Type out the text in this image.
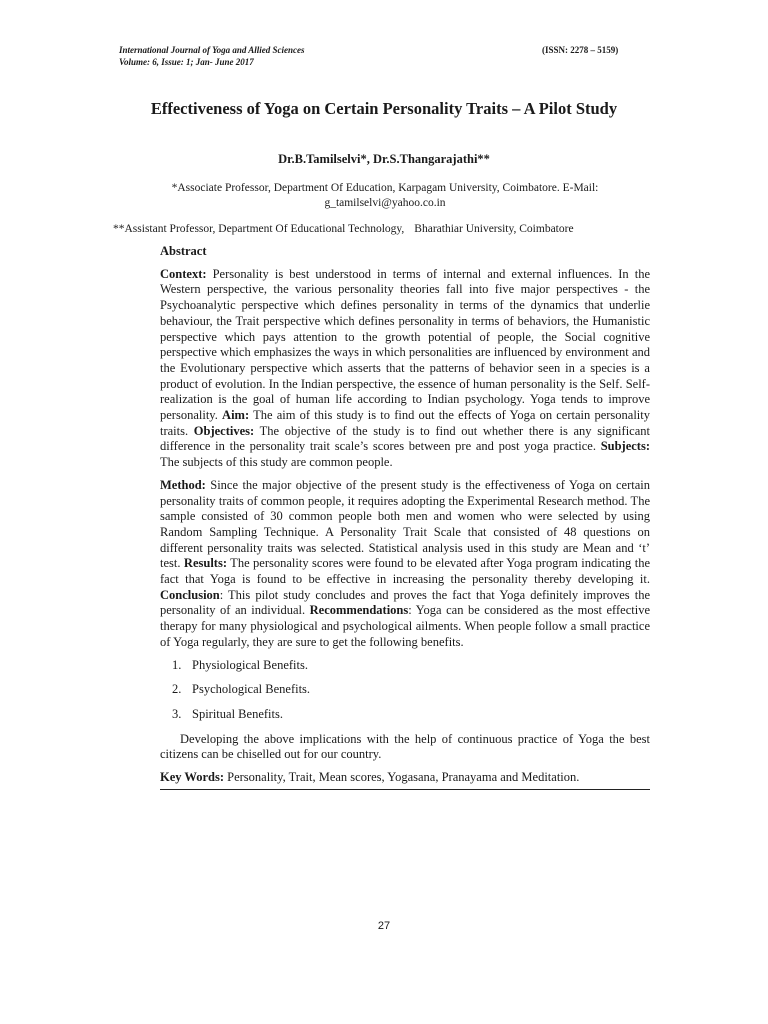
International Journal of Yoga and Allied Sciences
Volume: 6, Issue: 1; Jan- June 2017
(ISSN: 2278 – 5159)
Effectiveness of Yoga on Certain Personality Traits – A Pilot Study
Dr.B.Tamilselvi*, Dr.S.Thangarajathi**
*Associate Professor, Department Of Education, Karpagam University, Coimbatore. E-Mail: g_tamilselvi@yahoo.co.in
**Assistant Professor, Department Of Educational Technology, Bharathiar University, Coimbatore
Abstract

Context: Personality is best understood in terms of internal and external influences. In the Western perspective, the various personality theories fall into five major perspectives - the Psychoanalytic perspective which defines personality in terms of the dynamics that underlie behaviour, the Trait perspective which defines personality in terms of behaviors, the Humanistic perspective which pays attention to the growth potential of people, the Social cognitive perspective which emphasizes the ways in which personalities are influenced by environment and the Evolutionary perspective which asserts that the patterns of behavior seen in a species is a product of evolution. In the Indian perspective, the essence of human personality is the Self. Self-realization is the goal of human life according to Indian psychology. Yoga tends to improve personality. Aim: The aim of this study is to find out the effects of Yoga on certain personality traits. Objectives: The objective of the study is to find out whether there is any significant difference in the personality trait scale’s scores between pre and post yoga practice. Subjects: The subjects of this study are common people.

Method: Since the major objective of the present study is the effectiveness of Yoga on certain personality traits of common people, it requires adopting the Experimental Research method. The sample consisted of 30 common people both men and women who were selected by using Random Sampling Technique. A Personality Trait Scale that consisted of 48 questions on different personality traits was selected. Statistical analysis used in this study are Mean and ‘t’ test. Results: The personality scores were found to be elevated after Yoga program indicating the fact that Yoga is found to be effective in increasing the personality thereby developing it. Conclusion: This pilot study concludes and proves the fact that Yoga definitely improves the personality of an individual. Recommendations: Yoga can be considered as the most effective therapy for many physiological and psychological ailments. When people follow a small practice of Yoga regularly, they are sure to get the following benefits.

1. Physiological Benefits.
2. Psychological Benefits.
3. Spiritual Benefits.

Developing the above implications with the help of continuous practice of Yoga the best citizens can be chiselled out for our country.

Key Words: Personality, Trait, Mean scores, Yogasana, Pranayama and Meditation.
27
